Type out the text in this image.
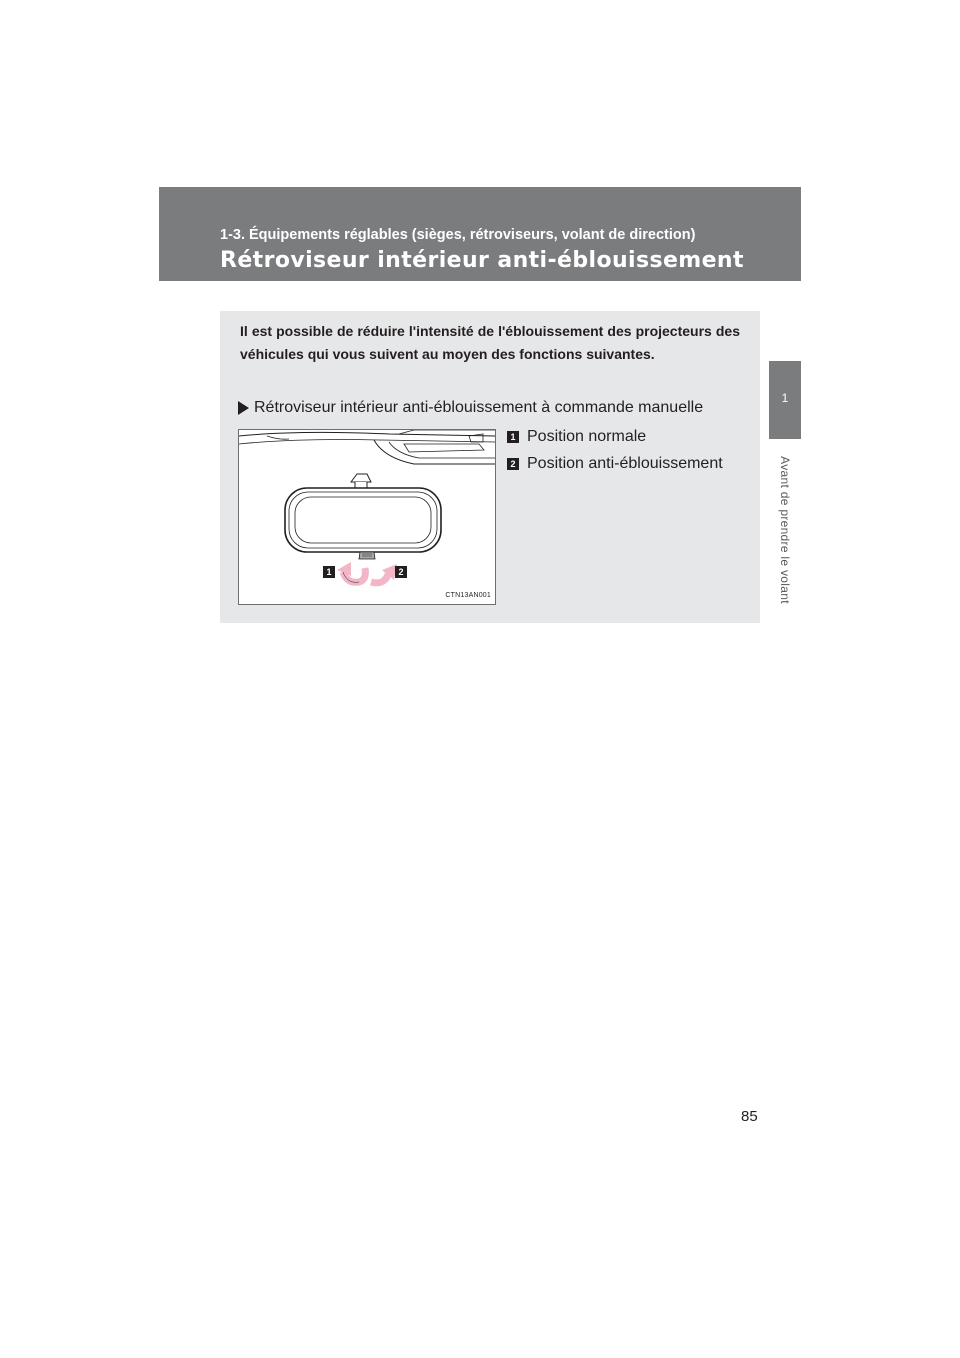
1-3. Équipements réglables (sièges, rétroviseurs, volant de direction)
Rétroviseur intérieur anti-éblouissement
1
Avant de prendre le volant
Il est possible de réduire l'intensité de l'éblouissement des projecteurs des véhicules qui vous suivent au moyen des fonctions suivantes.
Rétroviseur intérieur anti-éblouissement à commande manuelle
1	2
CTN13AN001
1 Position normale
2 Position anti-éblouissement
85
